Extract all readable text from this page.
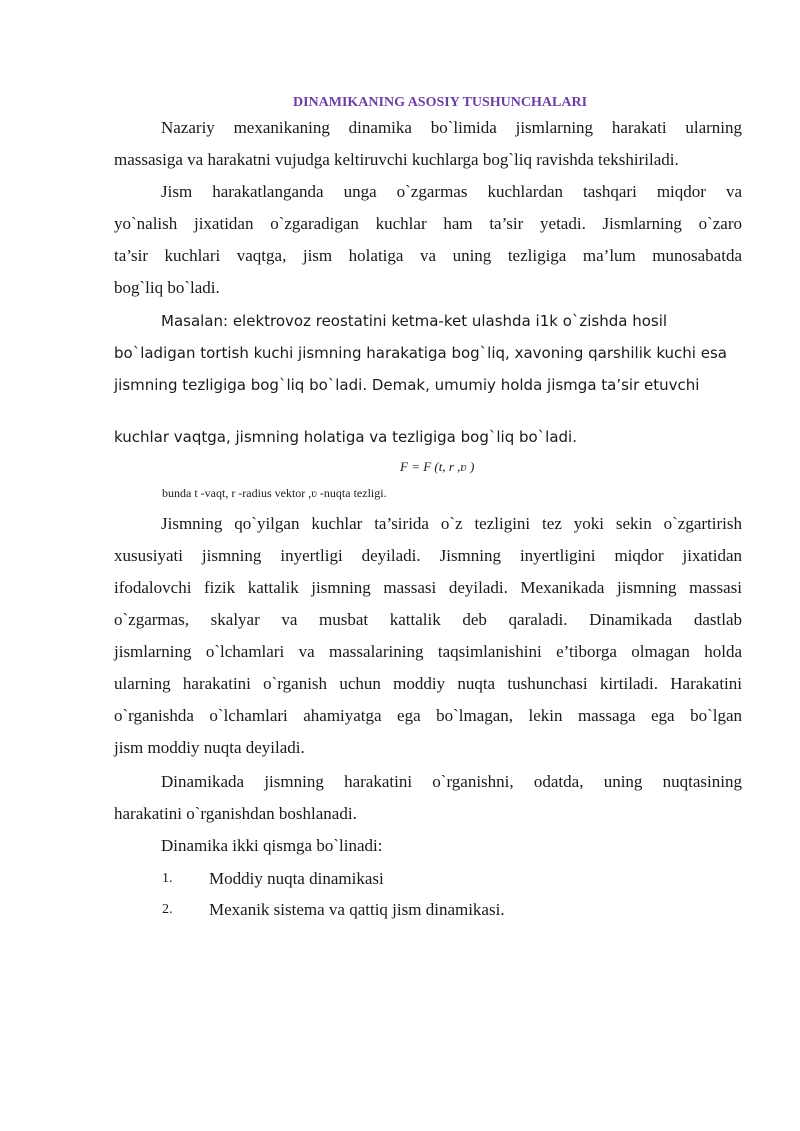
DINAMIKANING ASOSIY TUSHUNCHALARI
Nazariy mexanikaning dinamika bo`limida jismlarning harakati ularning
massasiga va harakatni vujudga keltiruvchi kuchlarga bog`liq ravishda tekshiriladi.
Jism harakatlanganda unga o`zgarmas kuchlardan tashqari miqdor va
yo`nalish jixatidan o`zgaradigan kuchlar ham ta’sir yetadi. Jismlarning o`zaro
ta’sir kuchlari vaqtga, jism holatiga va uning tezligiga ma’lum munosabatda
bog`liq bo`ladi.
Masalan: elektrovoz reostatini ketma-ket ulashda i1k o`zishda hosil
bo`ladigan tortish kuchi jismning harakatiga bog`liq, xavoning qarshilik kuchi esa
jismning tezligiga bog`liq bo`ladi. Demak, umumiy holda jismga ta’sir etuvchi
kuchlar vaqtga, jismning holatiga va tezligiga bog`liq bo`ladi.
F = F (t, r ,ʋ )
bunda t -vaqt, r -radius vektor ,ʋ -nuqta tezligi.
Jismning qo`yilgan kuchlar ta’sirida o`z tezligini tez yoki sekin o`zgartirish
xususiyati jismning inyertligi deyiladi. Jismning inyertligini miqdor jixatidan
ifodalovchi fizik kattalik jismning massasi deyiladi. Mexanikada jismning massasi
o`zgarmas, skalyar va musbat kattalik deb qaraladi. Dinamikada dastlab
jismlarning o`lchamlari va massalarining taqsimlanishini e’tiborga olmagan holda
ularning harakatini o`rganish uchun moddiy nuqta tushunchasi kirtiladi. Harakatini
o`rganishda o`lchamlari ahamiyatga ega bo`lmagan, lekin massaga ega bo`lgan
jism moddiy nuqta deyiladi.
Dinamikada jismning harakatini o`rganishni, odatda, uning nuqtasining
harakatini o`rganishdan boshlanadi.
Dinamika ikki qismga bo`linadi:
1. Moddiy nuqta dinamikasi
2. Mexanik sistema va qattiq jism dinamikasi.
